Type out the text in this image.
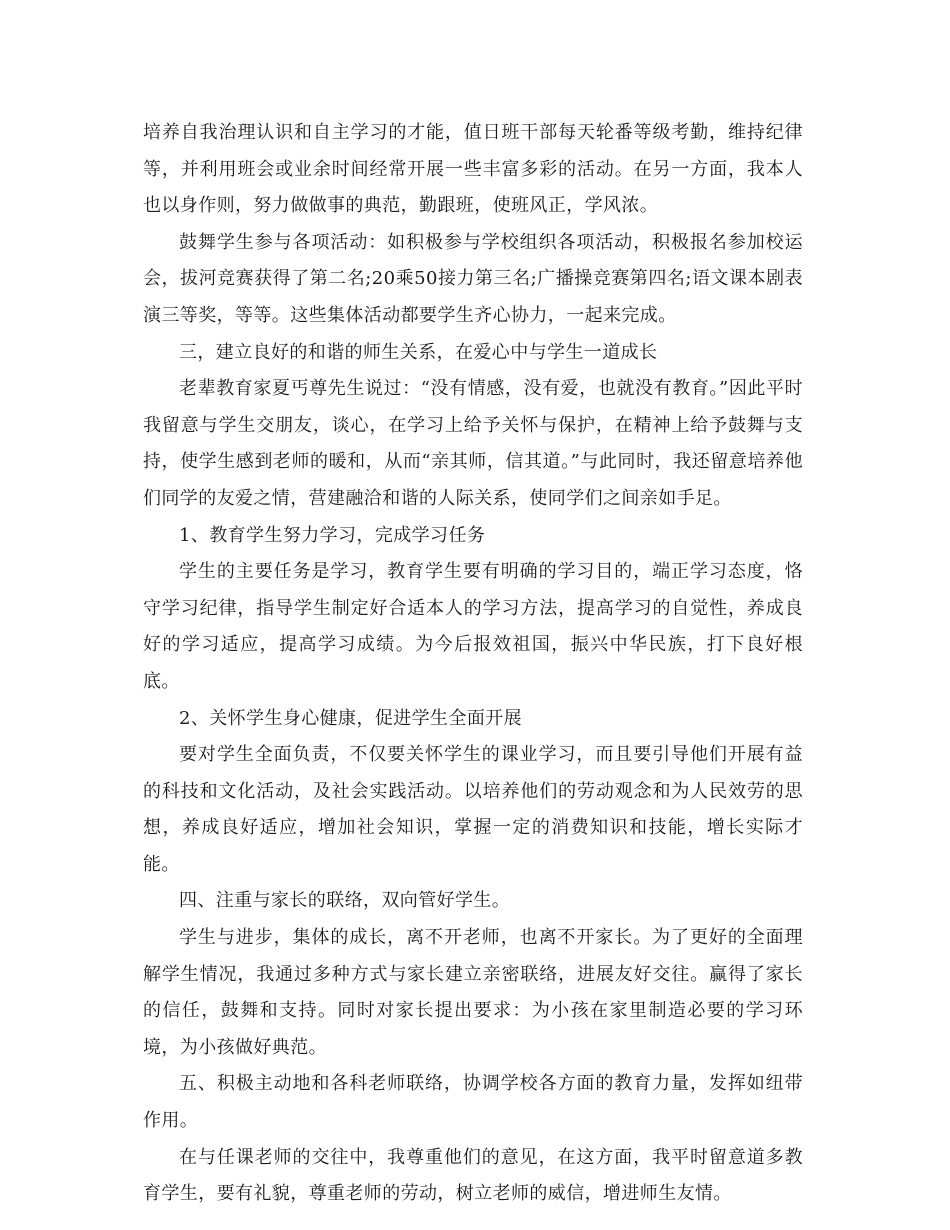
培养自我治理认识和自主学习的才能，值日班干部每天轮番等级考勤，维持纪律等，并利用班会或业余时间经常开展一些丰富多彩的活动。在另一方面，我本人也以身作则，努力做做事的典范，勤跟班，使班风正，学风浓。

鼓舞学生参与各项活动：如积极参与学校组织各项活动，积极报名参加校运会，拔河竞赛获得了第二名;20乘50接力第三名;广播操竞赛第四名;语文课本剧表演三等奖，等等。这些集体活动都要学生齐心协力，一起来完成。

三，建立良好的和谐的师生关系，在爱心中与学生一道成长

老辈教育家夏丐尊先生说过：“没有情感，没有爱，也就没有教育。”因此平时我留意与学生交朋友，谈心，在学习上给予关怀与保护，在精神上给予鼓舞与支持，使学生感到老师的暖和，从而“亲其师，信其道。”与此同时，我还留意培养他们同学的友爱之情，营建融洽和谐的人际关系，使同学们之间亲如手足。

1、教育学生努力学习，完成学习任务

学生的主要任务是学习，教育学生要有明确的学习目的，端正学习态度，恪守学习纪律，指导学生制定好合适本人的学习方法，提高学习的自觉性，养成良好的学习适应，提高学习成绩。为今后报效祖国，振兴中华民族，打下良好根底。

2、关怀学生身心健康，促进学生全面开展

要对学生全面负责，不仅要关怀学生的课业学习，而且要引导他们开展有益的科技和文化活动，及社会实践活动。以培养他们的劳动观念和为人民效劳的思想，养成良好适应，增加社会知识，掌握一定的消费知识和技能，增长实际才能。

四、注重与家长的联络，双向管好学生。

学生与进步，集体的成长，离不开老师，也离不开家长。为了更好的全面理解学生情况，我通过多种方式与家长建立亲密联络，进展友好交往。赢得了家长的信任，鼓舞和支持。同时对家长提出要求：为小孩在家里制造必要的学习环境，为小孩做好典范。

五、积极主动地和各科老师联络，协调学校各方面的教育力量，发挥如纽带作用。

在与任课老师的交往中，我尊重他们的意见，在这方面，我平时留意道多教育学生，要有礼貌，尊重老师的劳动，树立老师的威信，增进师生友情。
